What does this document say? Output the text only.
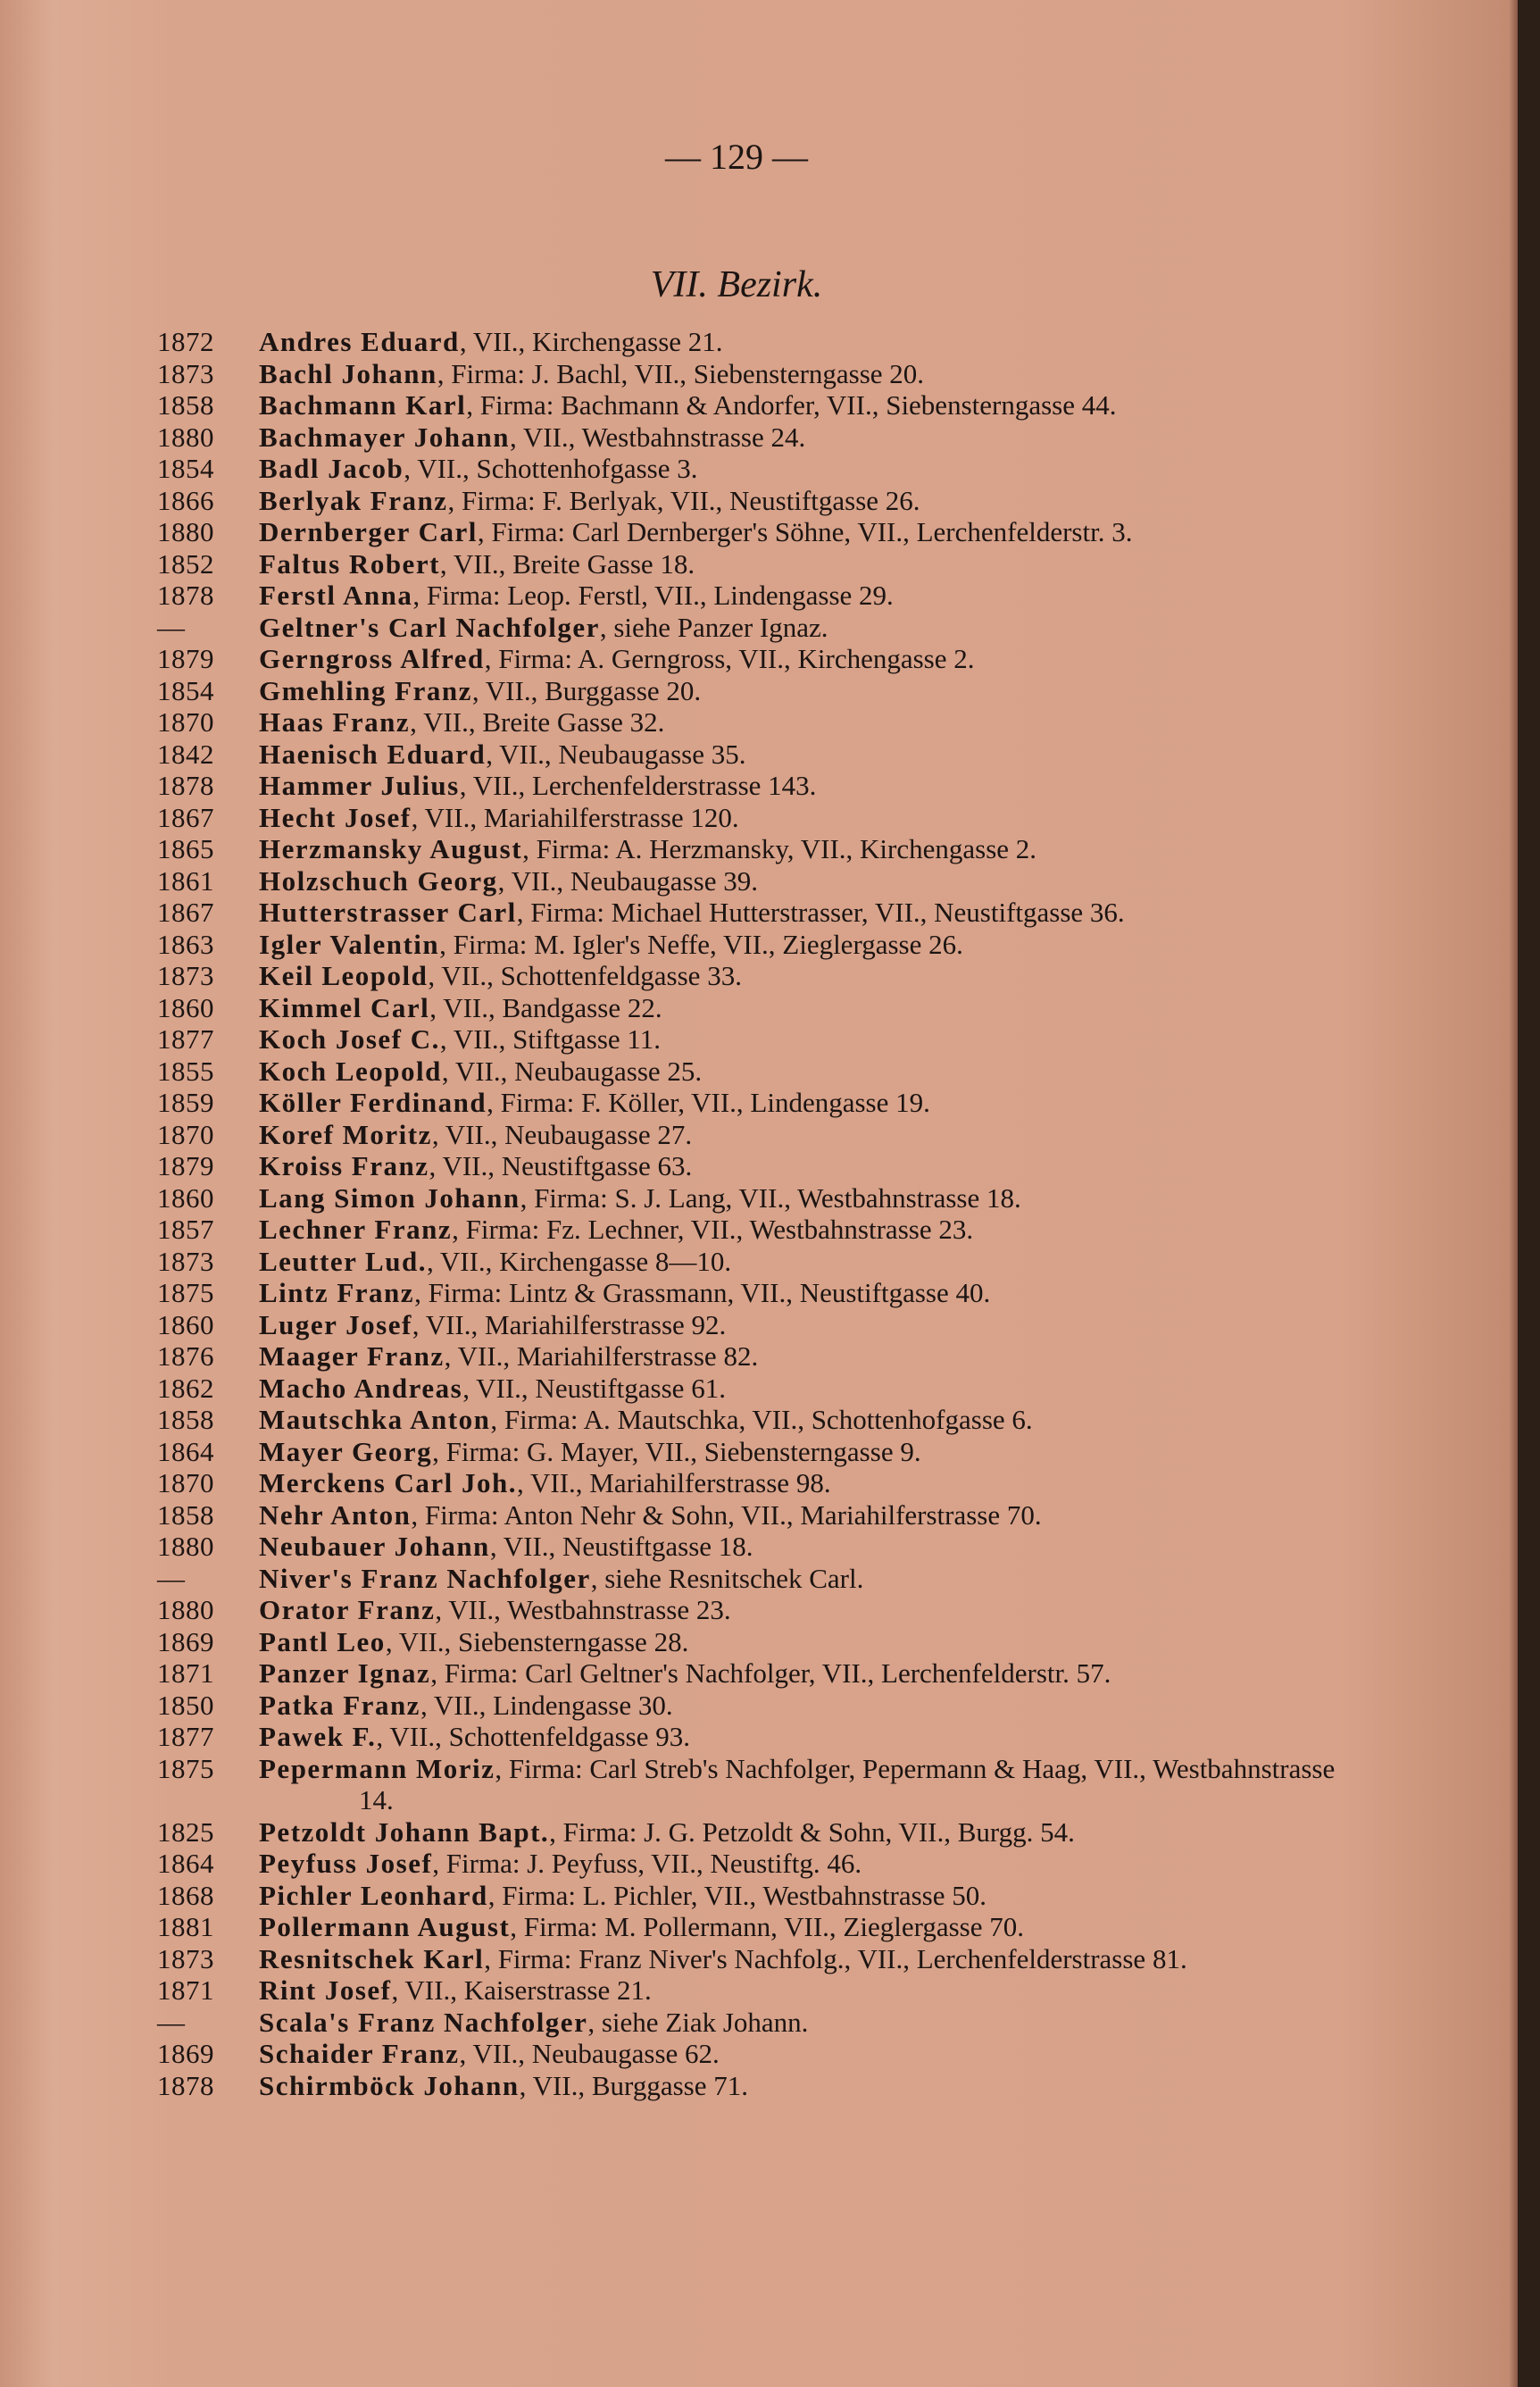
— 129 —
VII. Bezirk.
1872	Andres Eduard, VII., Kirchengasse 21.
1873	Bachl Johann, Firma: J. Bachl, VII., Siebensterngasse 20.
1858	Bachmann Karl, Firma: Bachmann & Andorfer, VII., Siebensterngasse 44.
1880	Bachmayer Johann, VII., Westbahnstrasse 24.
1854	Badl Jacob, VII., Schottenhofgasse 3.
1866	Berlyak Franz, Firma: F. Berlyak, VII., Neustiftgasse 26.
1880	Dernberger Carl, Firma: Carl Dernberger's Söhne, VII., Lerchenfelderstr. 3.
1852	Faltus Robert, VII., Breite Gasse 18.
1878	Ferstl Anna, Firma: Leop. Ferstl, VII., Lindengasse 29.
—	Geltner's Carl Nachfolger, siehe Panzer Ignaz.
1879	Gerngross Alfred, Firma: A. Gerngross, VII., Kirchengasse 2.
1854	Gmehling Franz, VII., Burggasse 20.
1870	Haas Franz, VII., Breite Gasse 32.
1842	Haenisch Eduard, VII., Neubaugasse 35.
1878	Hammer Julius, VII., Lerchenfelderstrasse 143.
1867	Hecht Josef, VII., Mariahilferstrasse 120.
1865	Herzmansky August, Firma: A. Herzmansky, VII., Kirchengasse 2.
1861	Holzschuch Georg, VII., Neubaugasse 39.
1867	Hutterstrasser Carl, Firma: Michael Hutterstrasser, VII., Neustiftgasse 36.
1863	Igler Valentin, Firma: M. Igler's Neffe, VII., Zieglergasse 26.
1873	Keil Leopold, VII., Schottenfeldgasse 33.
1860	Kimmel Carl, VII., Bandgasse 22.
1877	Koch Josef C., VII., Stiftgasse 11.
1855	Koch Leopold, VII., Neubaugasse 25.
1859	Köller Ferdinand, Firma: F. Köller, VII., Lindengasse 19.
1870	Koref Moritz, VII., Neubaugasse 27.
1879	Kroiss Franz, VII., Neustiftgasse 63.
1860	Lang Simon Johann, Firma: S. J. Lang, VII., Westbahnstrasse 18.
1857	Lechner Franz, Firma: Fz. Lechner, VII., Westbahnstrasse 23.
1873	Leutter Lud., VII., Kirchengasse 8—10.
1875	Lintz Franz, Firma: Lintz & Grassmann, VII., Neustiftgasse 40.
1860	Luger Josef, VII., Mariahilferstrasse 92.
1876	Maager Franz, VII., Mariahilferstrasse 82.
1862	Macho Andreas, VII., Neustiftgasse 61.
1858	Mautschka Anton, Firma: A. Mautschka, VII., Schottenhofgasse 6.
1864	Mayer Georg, Firma: G. Mayer, VII., Siebensterngasse 9.
1870	Merckens Carl Joh., VII., Mariahilferstrasse 98.
1858	Nehr Anton, Firma: Anton Nehr & Sohn, VII., Mariahilferstrasse 70.
1880	Neubauer Johann, VII., Neustiftgasse 18.
—	Niver's Franz Nachfolger, siehe Resnitschek Carl.
1880	Orator Franz, VII., Westbahnstrasse 23.
1869	Pantl Leo, VII., Siebensterngasse 28.
1871	Panzer Ignaz, Firma: Carl Geltner's Nachfolger, VII., Lerchenfelderstr. 57.
1850	Patka Franz, VII., Lindengasse 30.
1877	Pawek F., VII., Schottenfeldgasse 93.
1875	Pepermann Moriz, Firma: Carl Streb's Nachfolger, Pepermann & Haag, VII., Westbahnstrasse 14.
1825	Petzoldt Johann Bapt., Firma: J. G. Petzoldt & Sohn, VII., Burgg. 54.
1864	Peyfuss Josef, Firma: J. Peyfuss, VII., Neustiftg. 46.
1868	Pichler Leonhard, Firma: L. Pichler, VII., Westbahnstrasse 50.
1881	Pollermann August, Firma: M. Pollermann, VII., Zieglergasse 70.
1873	Resnitschek Karl, Firma: Franz Niver's Nachfolg., VII., Lerchenfelderstrasse 81.
1871	Rint Josef, VII., Kaiserstrasse 21.
—	Scala's Franz Nachfolger, siehe Ziak Johann.
1869	Schaider Franz, VII., Neubaugasse 62.
1878	Schirmböck Johann, VII., Burggasse 71.
